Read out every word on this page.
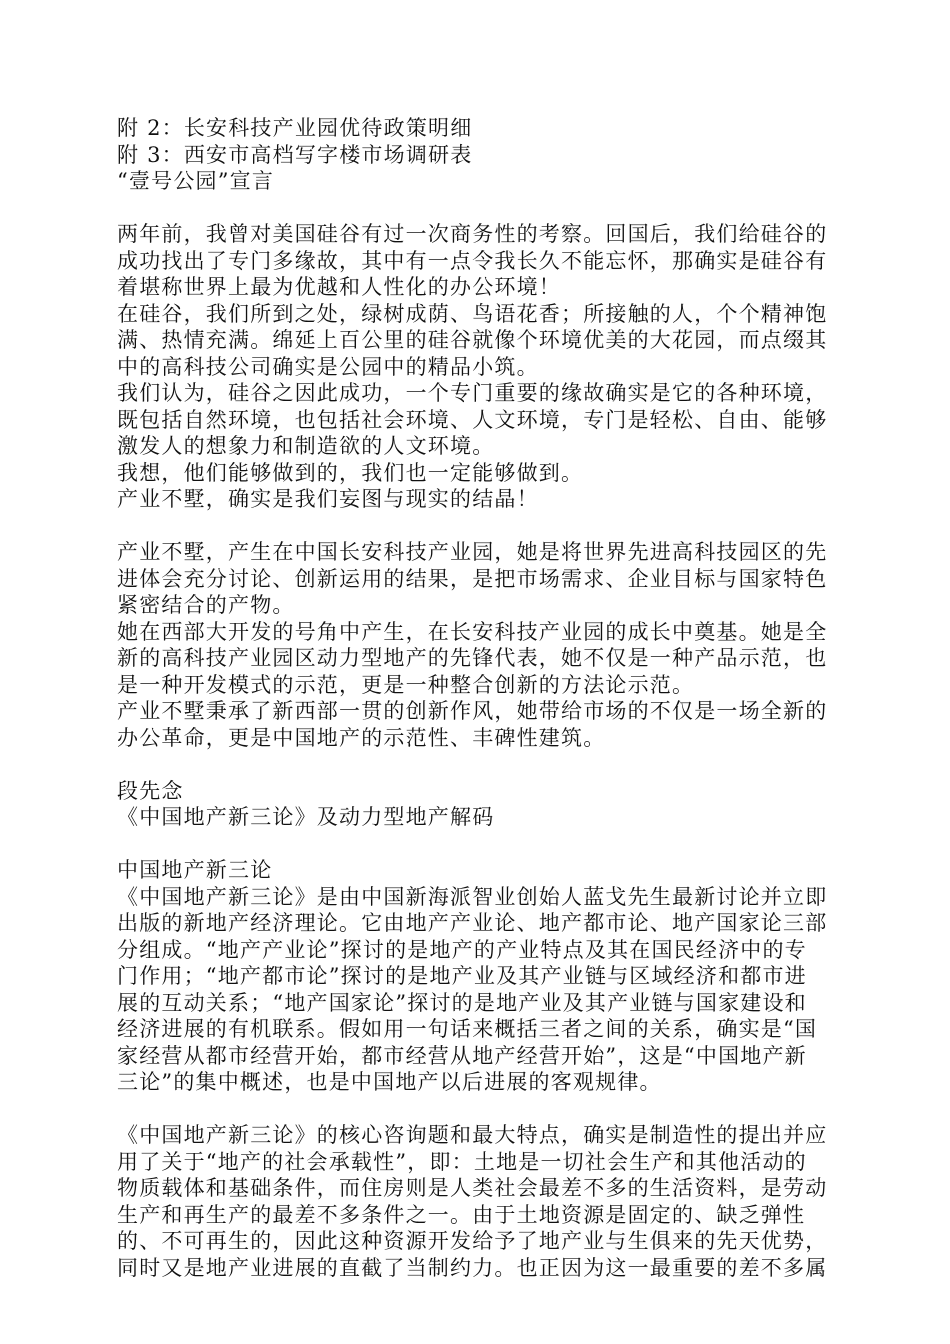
附 2：长安科技产业园优待政策明细
附 3：西安市高档写字楼市场调研表
“壹号公园”宣言
两年前，我曾对美国硅谷有过一次商务性的考察。回国后，我们给硅谷的
成功找出了专门多缘故，其中有一点令我长久不能忘怀，那确实是硅谷有
着堪称世界上最为优越和人性化的办公环境！
在硅谷，我们所到之处，绿树成荫、鸟语花香；所接触的人，个个精神饱
满、热情充满。绵延上百公里的硅谷就像个环境优美的大花园，而点缀其
中的高科技公司确实是公园中的精品小筑。
我们认为，硅谷之因此成功，一个专门重要的缘故确实是它的各种环境，
既包括自然环境，也包括社会环境、人文环境，专门是轻松、自由、能够
激发人的想象力和制造欲的人文环境。
我想，他们能够做到的，我们也一定能够做到。
产业不墅，确实是我们妄图与现实的结晶！
产业不墅，产生在中国长安科技产业园，她是将世界先进高科技园区的先
进体会充分讨论、创新运用的结果，是把市场需求、企业目标与国家特色
紧密结合的产物。
她在西部大开发的号角中产生，在长安科技产业园的成长中奠基。她是全
新的高科技产业园区动力型地产的先锋代表，她不仅是一种产品示范，也
是一种开发模式的示范，更是一种整合创新的方法论示范。
产业不墅秉承了新西部一贯的创新作风，她带给市场的不仅是一场全新的
办公革命，更是中国地产的示范性、丰碑性建筑。
段先念
《中国地产新三论》及动力型地产解码
中国地产新三论
《中国地产新三论》是由中国新海派智业创始人蓝戈先生最新讨论并立即
出版的新地产经济理论。它由地产产业论、地产都市论、地产国家论三部
分组成。“地产产业论”探讨的是地产的产业特点及其在国民经济中的专
门作用；“地产都市论”探讨的是地产业及其产业链与区域经济和都市进
展的互动关系；“地产国家论”探讨的是地产业及其产业链与国家建设和
经济进展的有机联系。假如用一句话来概括三者之间的关系，确实是“国
家经营从都市经营开始，都市经营从地产经营开始”，这是“中国地产新
三论”的集中概述，也是中国地产以后进展的客观规律。
《中国地产新三论》的核心咨询题和最大特点，确实是制造性的提出并应
用了关于“地产的社会承载性”，即：土地是一切社会生产和其他活动的
物质载体和基础条件，而住房则是人类社会最差不多的生活资料，是劳动
生产和再生产的最差不多条件之一。由于土地资源是固定的、缺乏弹性
的、不可再生的，因此这种资源开发给予了地产业与生俱来的先天优势，
同时又是地产业进展的直截了当制约力。也正因为这一最重要的差不多属
